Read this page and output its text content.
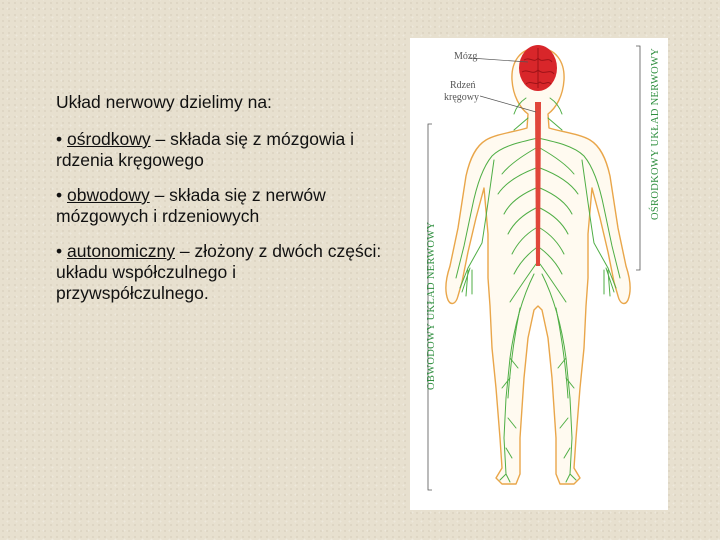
Układ nerwowy dzielimy na:

• ośrodkowy – składa się z mózgowia i rdzenia kręgowego

• obwodowy – składa się z nerwów mózgowych i rdzeniowych

• autonomiczny – złożony z dwóch części: układu współczulnego i przywspółczulnego.

Mózg
Rdzeń
kręgowy	OŚRODKOWY UKŁAD NERWOWY
OBWODOWY UKŁAD NERWOWY
